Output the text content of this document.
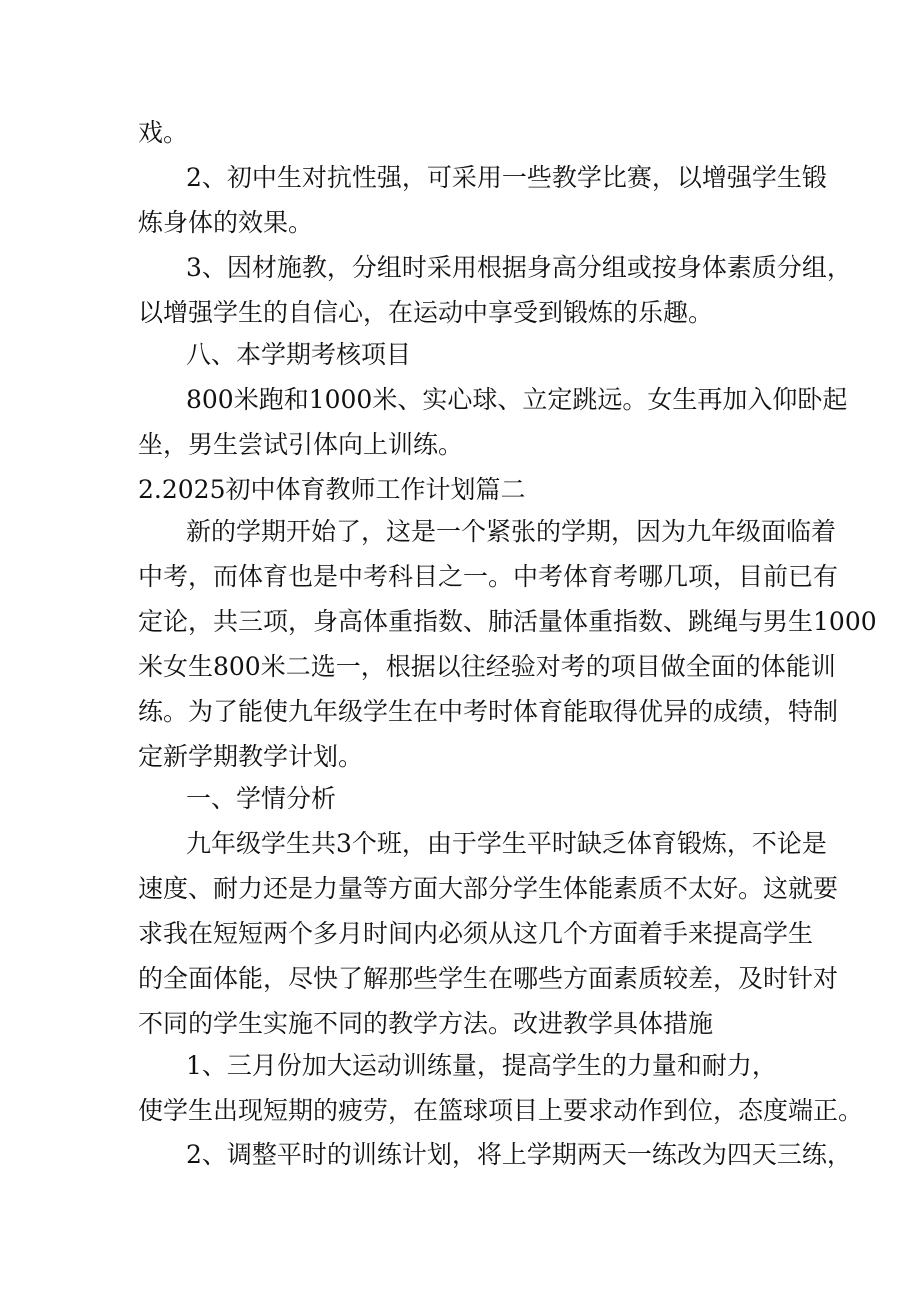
戏。
2、初中生对抗性强，可采用一些教学比赛，以增强学生锻
炼身体的效果。
3、因材施教，分组时采用根据身高分组或按身体素质分组，
以增强学生的自信心，在运动中享受到锻炼的乐趣。
八、本学期考核项目
800米跑和1000米、实心球、立定跳远。女生再加入仰卧起
坐，男生尝试引体向上训练。
2.2025初中体育教师工作计划篇二
新的学期开始了，这是一个紧张的学期，因为九年级面临着
中考，而体育也是中考科目之一。中考体育考哪几项，目前已有
定论，共三项，身高体重指数、肺活量体重指数、跳绳与男生1000
米女生800米二选一，根据以往经验对考的项目做全面的体能训
练。为了能使九年级学生在中考时体育能取得优异的成绩，特制
定新学期教学计划。
一、学情分析
九年级学生共3个班，由于学生平时缺乏体育锻炼，不论是
速度、耐力还是力量等方面大部分学生体能素质不太好。这就要
求我在短短两个多月时间内必须从这几个方面着手来提高学生
的全面体能，尽快了解那些学生在哪些方面素质较差，及时针对
不同的学生实施不同的教学方法。改进教学具体措施
1、三月份加大运动训练量，提高学生的力量和耐力，
使学生出现短期的疲劳，在篮球项目上要求动作到位，态度端正。
2、调整平时的训练计划，将上学期两天一练改为四天三练，
